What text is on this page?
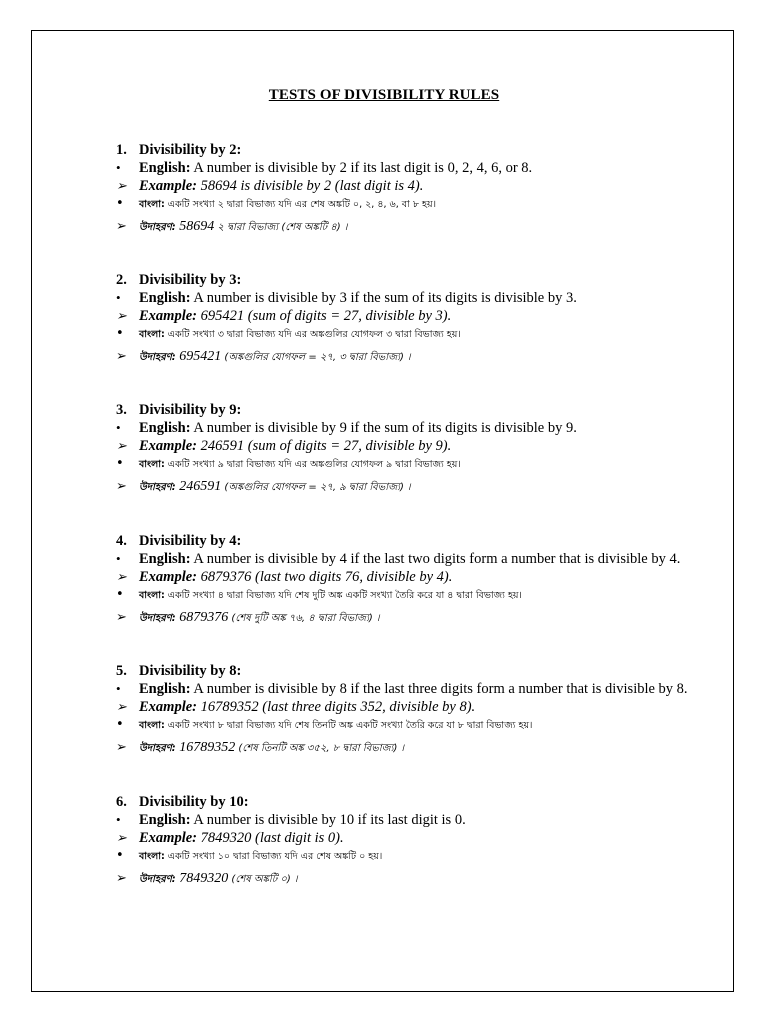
TESTS OF DIVISIBILITY RULES
1. Divisibility by 2:
•	English: A number is divisible by 2 if its last digit is 0, 2, 4, 6, or 8.
➢ Example: 58694 is divisible by 2 (last digit is 4).
•	বাংলা: একটি সংখ্যা ২ দ্বারা বিভাজ্য যদি এর শেষ অঙ্কটি ০, ২, ৪, ৬, বা ৮ হয়।
➢	উদাহরণ: 58694 ২ দ্বারা বিভাজ্য (শেষ অঙ্কটি ৪) ।
2. Divisibility by 3:
•	English: A number is divisible by 3 if the sum of its digits is divisible by 3.
➢ Example: 695421 (sum of digits = 27, divisible by 3).
•	বাংলা: একটি সংখ্যা ৩ দ্বারা বিভাজ্য যদি এর অঙ্কগুলির যোগফল ৩ দ্বারা বিভাজ্য হয়।
➢	উদাহরণ: 695421 (অঙ্কগুলির যোগফল = ২৭, ৩ দ্বারা বিভাজ্য) ।
3. Divisibility by 9:
•	English: A number is divisible by 9 if the sum of its digits is divisible by 9.
➢ Example: 246591 (sum of digits = 27, divisible by 9).
•	বাংলা: একটি সংখ্যা ৯ দ্বারা বিভাজ্য যদি এর অঙ্কগুলির যোগফল ৯ দ্বারা বিভাজ্য হয়।
➢	উদাহরণ: 246591 (অঙ্কগুলির যোগফল = ২৭, ৯ দ্বারা বিভাজ্য) ।
4. Divisibility by 4:
•	English: A number is divisible by 4 if the last two digits form a number that is divisible by 4.
➢ Example: 6879376 (last two digits 76, divisible by 4).
•	বাংলা: একটি সংখ্যা ৪ দ্বারা বিভাজ্য যদি শেষ দুটি অঙ্ক একটি সংখ্যা তৈরি করে যা ৪ দ্বারা বিভাজ্য হয়।
➢	উদাহরণ: 6879376 (শেষ দুটি অঙ্ক ৭৬, ৪ দ্বারা বিভাজ্য) ।
5. Divisibility by 8:
•	English: A number is divisible by 8 if the last three digits form a number that is divisible by 8.
➢ Example: 16789352 (last three digits 352, divisible by 8).
•	বাংলা: একটি সংখ্যা ৮ দ্বারা বিভাজ্য যদি শেষ তিনটি অঙ্ক একটি সংখ্যা তৈরি করে যা ৮ দ্বারা বিভাজ্য হয়।
➢	উদাহরণ: 16789352 (শেষ তিনটি অঙ্ক ৩৫২, ৮ দ্বারা বিভাজ্য) ।
6. Divisibility by 10:
•	English: A number is divisible by 10 if its last digit is 0.
➢ Example: 7849320 (last digit is 0).
•	বাংলা: একটি সংখ্যা ১০ দ্বারা বিভাজ্য যদি এর শেষ অঙ্কটি ০ হয়।
➢	উদাহরণ: 7849320 (শেষ অঙ্কটি ০) ।
